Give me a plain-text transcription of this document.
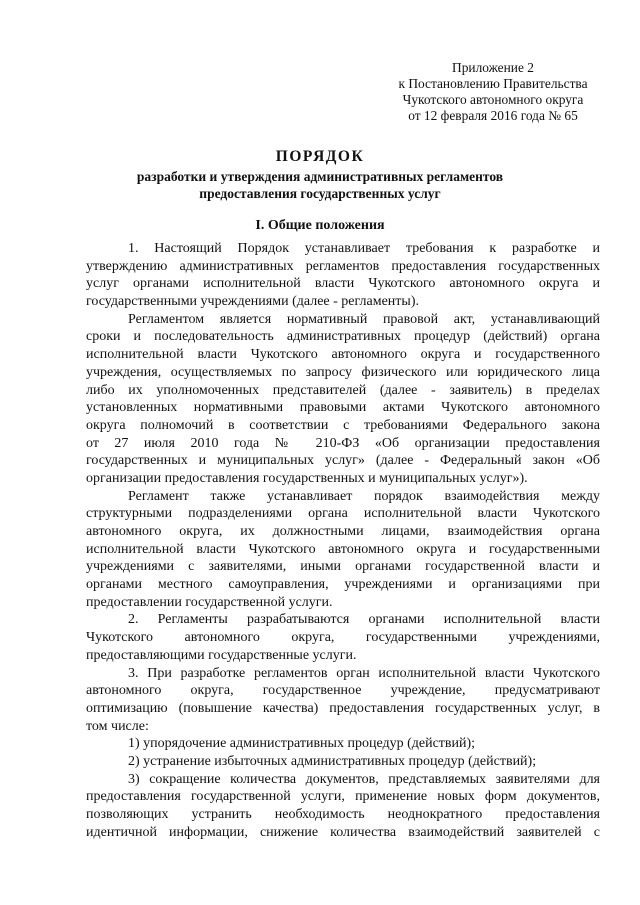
Приложение 2
к Постановлению Правительства
Чукотского автономного округа
от 12 февраля 2016 года № 65
ПОРЯДОК
разработки и утверждения административных регламентов
предоставления государственных услуг
I. Общие положения
1. Настоящий Порядок устанавливает требования к разработке и
утверждению административных регламентов предоставления государственных
услуг органами исполнительной власти Чукотского автономного округа и
государственными учреждениями (далее - регламенты).
Регламентом является нормативный правовой акт, устанавливающий
сроки и последовательность административных процедур (действий) органа
исполнительной власти Чукотского автономного округа и государственного
учреждения, осуществляемых по запросу физического или юридического лица
либо их уполномоченных представителей (далее - заявитель) в пределах
установленных нормативными правовыми актами Чукотского автономного
округа полномочий в соответствии с требованиями Федерального закона
от 27 июля 2010 года № 210-ФЗ «Об организации предоставления
государственных и муниципальных услуг» (далее - Федеральный закон «Об
организации предоставления государственных и муниципальных услуг»).
Регламент также устанавливает порядок взаимодействия между
структурными подразделениями органа исполнительной власти Чукотского
автономного округа, их должностными лицами, взаимодействия органа
исполнительной власти Чукотского автономного округа и государственными
учреждениями с заявителями, иными органами государственной власти и
органами местного самоуправления, учреждениями и организациями при
предоставлении государственной услуги.
2. Регламенты разрабатываются органами исполнительной власти
Чукотского автономного округа, государственными учреждениями,
предоставляющими государственные услуги.
3. При разработке регламентов орган исполнительной власти Чукотского
автономного округа, государственное учреждение, предусматривают
оптимизацию (повышение качества) предоставления государственных услуг, в
том числе:
1) упорядочение административных процедур (действий);
2) устранение избыточных административных процедур (действий);
3) сокращение количества документов, представляемых заявителями для
предоставления государственной услуги, применение новых форм документов,
позволяющих устранить необходимость неоднократного предоставления
идентичной информации, снижение количества взаимодействий заявителей с
